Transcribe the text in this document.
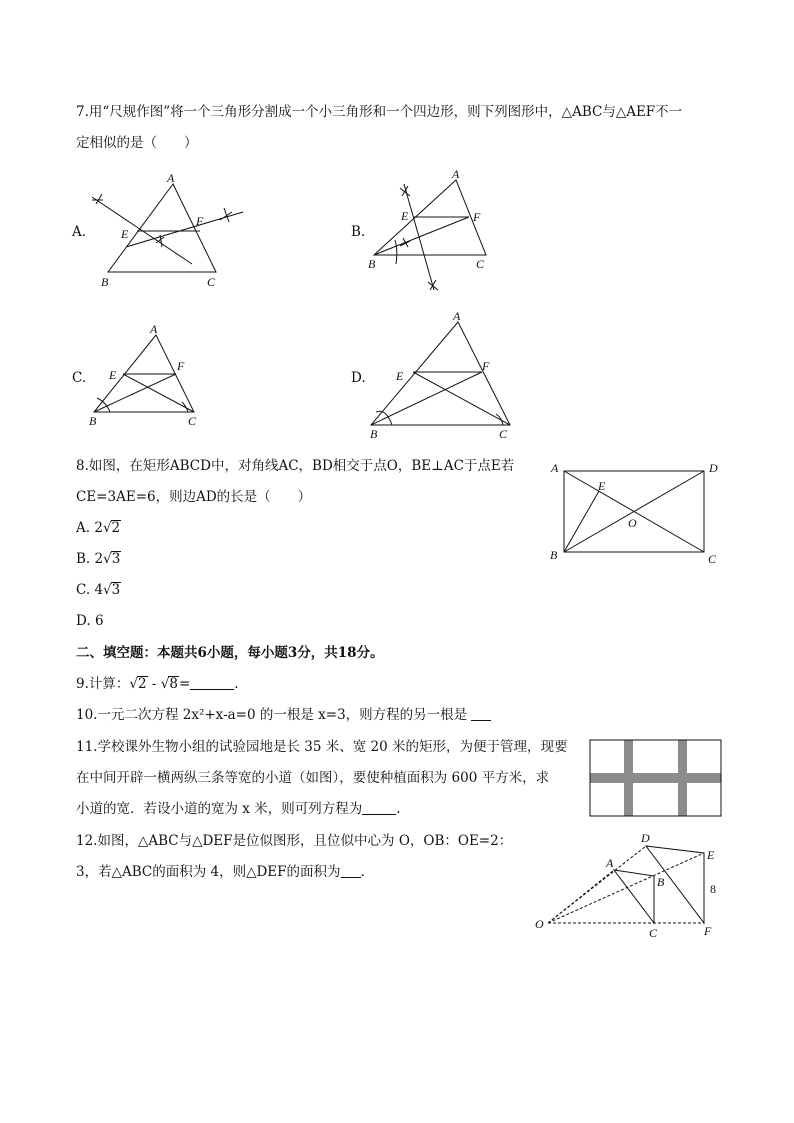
7.用“尺规作图”将一个三角形分割成一个小三角形和一个四边形，则下列图形中，△ABC与△AEF不一
定相似的是（　　）
A.
A
E
F
B	C
B.
A
E	F
B	C
C.
A
E
F
B	C
D.
A
E
F
B	C
8.如图，在矩形ABCD中，对角线AC，BD相交于点O，BE⊥AC于点E若
CE=3AE=6，则边AD的长是（　　）
A. 2√2
B. 2√3
C. 4√3
D. 6
A	D
E
O
B	C
二、填空题：本题共6小题，每小题3分，共18分。
9.计算：√2 - √8=	.
10.一元二次方程 2x²+x-a=0 的一根是 x=3，则方程的另一根是
11.学校课外生物小组的试验园地是长 35 米、宽 20 米的矩形，为便于管理，现要
在中间开辟一横两纵三条等宽的小道（如图），要使种植面积为 600 平方米，求
小道的宽．若设小道的宽为 x 米，则可列方程为	.
12.如图，△ABC与△DEF是位似图形，且位似中心为 O，OB：OE=2：
3，若△ABC的面积为 4，则△DEF的面积为 .
O
A
B
C
D
E
F
8
